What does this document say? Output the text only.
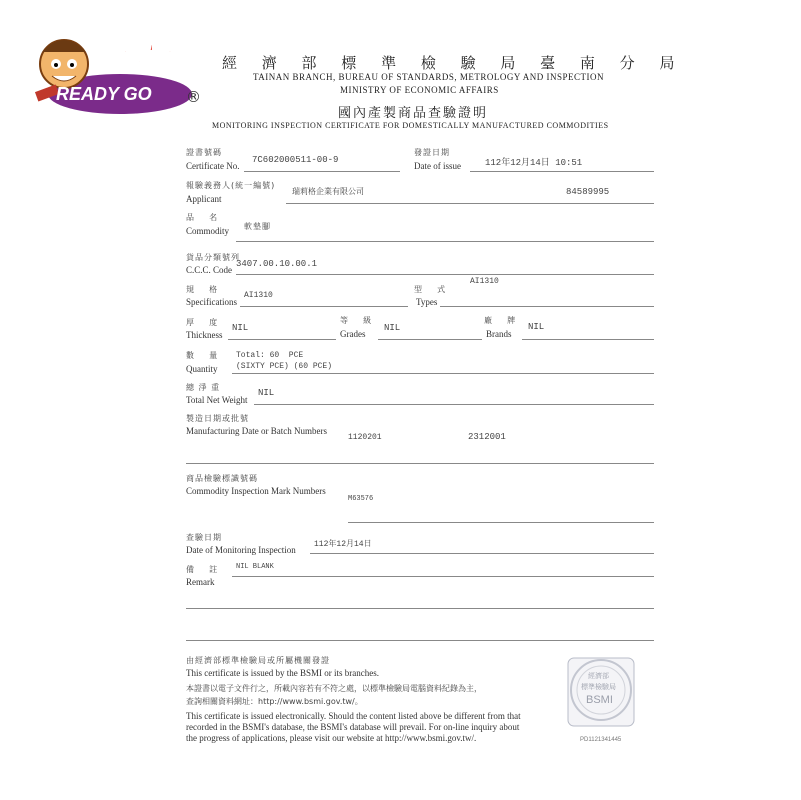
瑞莉格
READY GO ®
經 濟 部 標 準 檢 驗 局 臺 南 分 局
TAINAN BRANCH, BUREAU OF STANDARDS, METROLOGY AND INSPECTION
MINISTRY OF ECONOMIC AFFAIRS
國內產製商品查驗證明
MONITORING INSPECTION CERTIFICATE FOR DOMESTICALLY MANUFACTURED COMMODITIES
證書號碼
Certificate No.
7C602000511-00-9
發證日期
Date of issue	112年12月14日 10:51
報驗義務人(統一編號)
Applicant
瑞莉格企業有限公司	84589995
品    名
Commodity 軟墊腳
貨品分類號列
C.C.C. Code
3407.00.10.00.1
規    格
Specifications
AI1310
型    式
Types
AI1310
厚    度
Thickness
NIL
等    級
Grades
NIL
廠    牌
Brands
NIL
數    量
Quantity
Total: 60  PCE
(SIXTY PCE) (60 PCE)
總 淨 重
Total Net Weight
NIL
製造日期或批號
Manufacturing Date or Batch Numbers
1120201	2312001
商品檢驗標識號碼
Commodity Inspection Mark Numbers
M63576
查驗日期
Date of Monitoring Inspection
112年12月14日
備    註
Remark
NIL BLANK
由經濟部標準檢驗局或所屬機關發證
This certificate is issued by the BSMI or its branches.
本證書以電子文件行之，所載內容若有不符之處，以標準檢驗局電腦資料紀錄為主，
查詢相關資料網址：http://www.bsmi.gov.tw/。
This certificate is issued electronically. Should the content listed above be different from that
recorded in the BSMI's database, the BSMI's database will prevail. For on-line inquiry about
the progress of applications, please visit our website at http://www.bsmi.gov.tw/.
經濟部
標準檢驗局
BSMI
PD1121341445
